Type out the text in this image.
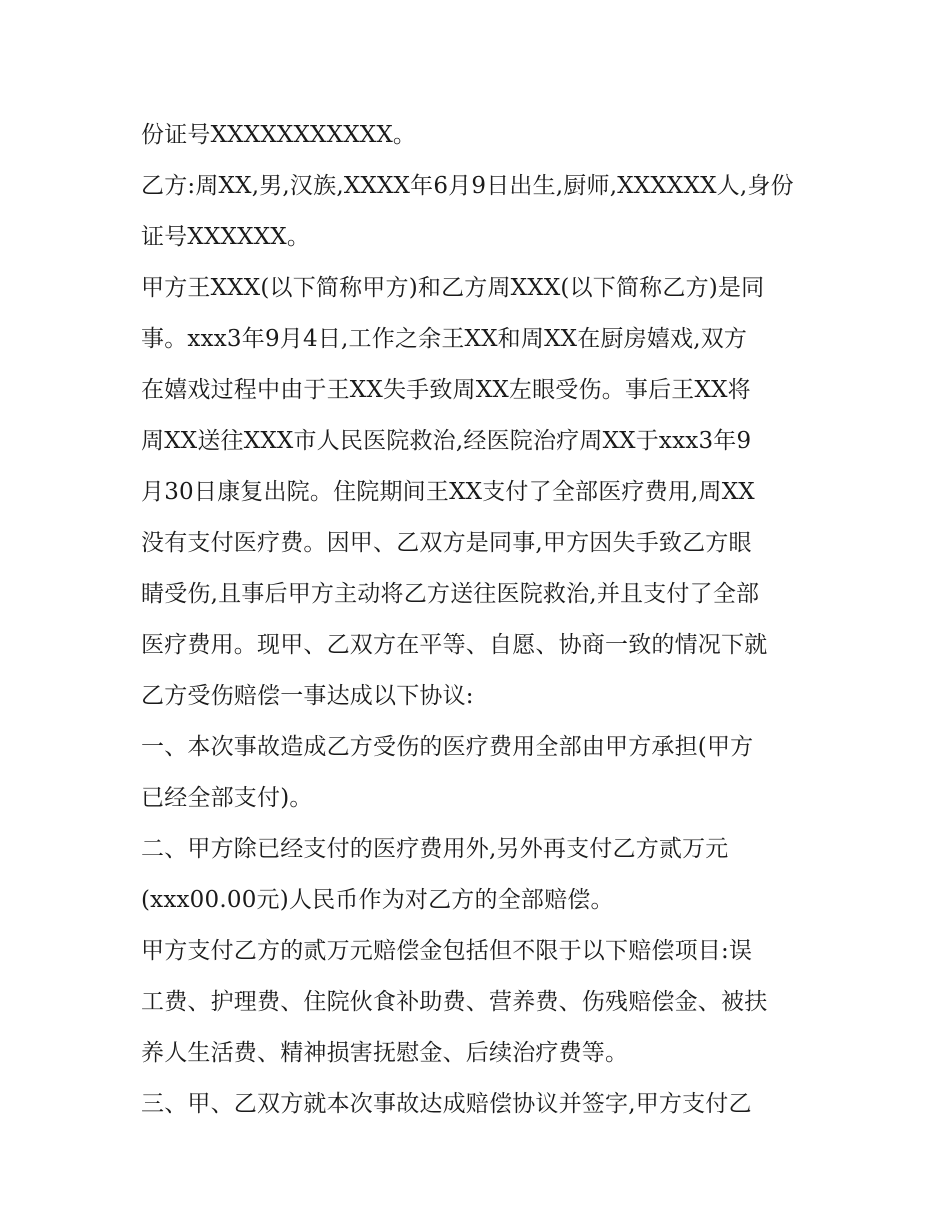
份证号XXXXXXXXXXX。
乙方:周XX,男,汉族,XXXX年6月9日出生,厨师,XXXXXX人,身份
证号XXXXXX。
甲方王XXX(以下简称甲方)和乙方周XXX(以下简称乙方)是同
事。xxx3年9月4日,工作之余王XX和周XX在厨房嬉戏,双方
在嬉戏过程中由于王XX失手致周XX左眼受伤。事后王XX将
周XX送往XXX市人民医院救治,经医院治疗周XX于xxx3年9
月30日康复出院。住院期间王XX支付了全部医疗费用,周XX
没有支付医疗费。因甲、乙双方是同事,甲方因失手致乙方眼
睛受伤,且事后甲方主动将乙方送往医院救治,并且支付了全部
医疗费用。现甲、乙双方在平等、自愿、协商一致的情况下就
乙方受伤赔偿一事达成以下协议:
一、本次事故造成乙方受伤的医疗费用全部由甲方承担(甲方
已经全部支付)。
二、甲方除已经支付的医疗费用外,另外再支付乙方贰万元
(xxx00.00元)人民币作为对乙方的全部赔偿。
甲方支付乙方的贰万元赔偿金包括但不限于以下赔偿项目:误
工费、护理费、住院伙食补助费、营养费、伤残赔偿金、被扶
养人生活费、精神损害抚慰金、后续治疗费等。
三、甲、乙双方就本次事故达成赔偿协议并签字,甲方支付乙
